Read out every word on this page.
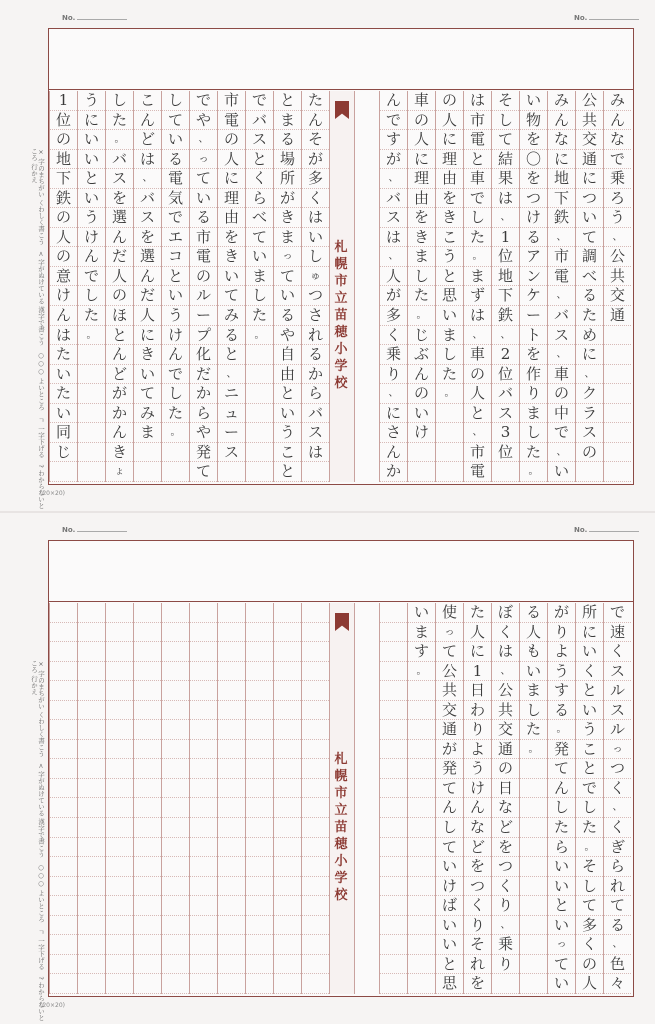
No.	No.
× 字のまちがい くわしく書こう　< 字がぬけている 漢字で書こう　○○○ よいところ　ㄱ 一字下げる　? わからないところ 行かえ
み
ん
な
で
乗
ろ
う
、
公
共
交
通
公
共
交
通
に
つ
い
て
調
べ
る
た
め
に
、
ク
ラ
ス
の
み
ん
な
に
地
下
鉄
、
市
電
、
バ
ス
、
車
の
中
で
、
い
い
物
を
〇
を
つ
け
る
ア
ン
ケ
ー
ト
を
作
り
ま
し
た
。
そ
し
て
結
果
は
、
1
位
地
下
鉄
、
2
位
バ
ス
3
位
は
市
電
と
車
で
し
た
。
ま
ず
は
、
車
の
人
と
、
市
電
の
人
に
理
由
を
き
こ
う
と
思
い
ま
し
た
。
車
の
人
に
理
由
を
き
ま
し
た
。
じ
ぶ
ん
の
い
け
ん
で
す
が
、
バ
ス
は
、
人
が
多
く
乗
り
、
に
さ
ん
か
た
ん
そ
が
多
く
は
い
し
ゅ
つ
さ
れ
る
か
ら
バ
ス
は
と
ま
る
場
所
が
き
ま
っ
て
い
る
や
自
由
と
い
う
こ
と
で
バ
ス
と
く
ら
べ
て
い
ま
し
た
。
市
電
の
人
に
理
由
を
き
い
て
み
る
と
、
ニ
ュ
ー
ス
で
や
、
っ
て
い
る
市
電
の
ル
ー
プ
化
だ
か
ら
や
発
て
し
て
い
る
電
気
で
エ
コ
と
い
う
け
ん
で
し
た
。
こ
ん
ど
は
、
バ
ス
を
選
ん
だ
人
に
き
い
て
み
ま
し
た
。
バ
ス
を
選
ん
だ
人
の
ほ
と
ん
ど
が
か
ん
き
ょ
う
に
い
い
と
い
う
け
ん
で
し
た
。
1
位
の
地
下
鉄
の
人
の
意
け
ん
は
た
い
た
い
同
じ
札幌市立苗穂小学校
(20×20)
No.	No.
× 字のまちがい くわしく書こう　< 字がぬけている 漢字で書こう　○○○ よいところ　ㄱ 一字下げる　? わからないところ 行かえ
で
速
く
ス
ル
ス
ル
っ
つ
く
、
く
ぎ
ら
れ
て
る
、
色
々
所
に
い
く
と
い
う
こ
と
で
し
た
。
そ
し
て
多
く
の
人
が
り
よ
う
す
る
。
発
て
ん
し
た
ら
い
い
と
い
っ
て
い
る
人
も
い
ま
し
た
。
ぼ
く
は
、
公
共
交
通
の
日
な
ど
を
つ
く
り
、
乗
り
た
人
に
1
日
わ
り
よ
う
け
ん
な
ど
を
つ
く
り
そ
れ
を
使
っ
て
公
共
交
通
が
発
て
ん
し
て
い
け
ば
い
い
と
思
い
ま
す
。
札幌市立苗穂小学校
(20×20)
